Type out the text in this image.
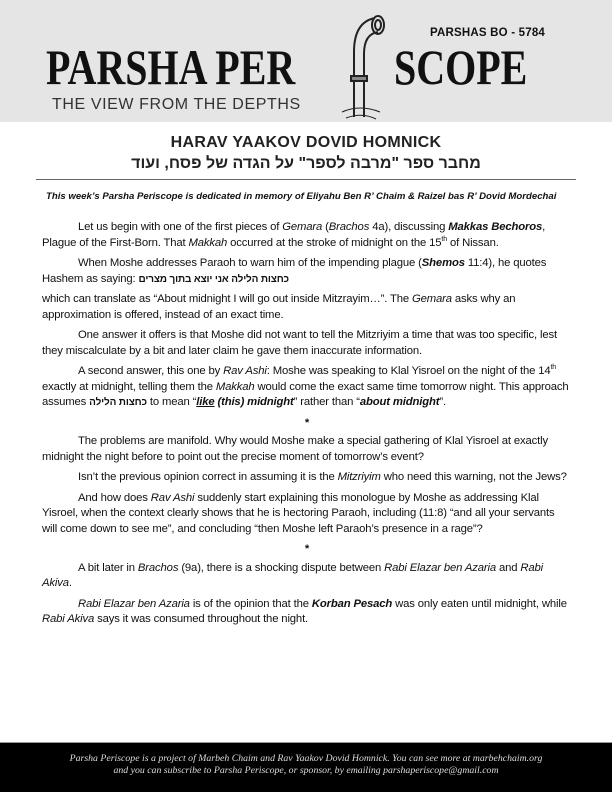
PARSHAS BO - 5784
PARSHA PER SCOPE
THE VIEW FROM THE DEPTHS
HARAV YAAKOV DOVID HOMNICK
מחבר ספר "מרבה לספר" על הגדה של פסח, ועוד
This week’s Parsha Periscope is dedicated in memory of Eliyahu Ben R’ Chaim & Raizel bas R’ Dovid Mordechai

Let us begin with one of the first pieces of Gemara (Brachos 4a), discussing Makkas Bechoros, Plague of the First-Born. That Makkah occurred at the stroke of midnight on the 15th of Nissan.

When Moshe addresses Paraoh to warn him of the impending plague (Shemos 11:4), he quotes Hashem as saying: כחצות הלילה אני יוצא בתוך מצרים

which can translate as “About midnight I will go out inside Mitzrayim…”. The Gemara asks why an approximation is offered, instead of an exact time.

One answer it offers is that Moshe did not want to tell the Mitzriyim a time that was too specific, lest they miscalculate by a bit and later claim he gave them inaccurate information.

A second answer, this one by Rav Ashi: Moshe was speaking to Klal Yisroel on the night of the 14th exactly at midnight, telling them the Makkah would come the exact same time tomorrow night. This approach assumes כחצות הלילה to mean “like (this) midnight” rather than “about midnight”.

*

The problems are manifold. Why would Moshe make a special gathering of Klal Yisroel at exactly midnight the night before to point out the precise moment of tomorrow’s event?

Isn’t the previous opinion correct in assuming it is the Mitzriyim who need this warning, not the Jews?

And how does Rav Ashi suddenly start explaining this monologue by Moshe as addressing Klal Yisroel, when the context clearly shows that he is hectoring Paraoh, including (11:8) “and all your servants will come down to see me”, and concluding “then Moshe left Paraoh’s presence in a rage”?

*

A bit later in Brachos (9a), there is a shocking dispute between Rabi Elazar ben Azaria and Rabi Akiva.

Rabi Elazar ben Azaria is of the opinion that the Korban Pesach was only eaten until midnight, while Rabi Akiva says it was consumed throughout the night.

Parsha Periscope is a project of Marbeh Chaim and Rav Yaakov Dovid Homnick. You can see more at marbehchaim.org
and you can subscribe to Parsha Periscope, or sponsor, by emailing parshaperiscope@gmail.com
